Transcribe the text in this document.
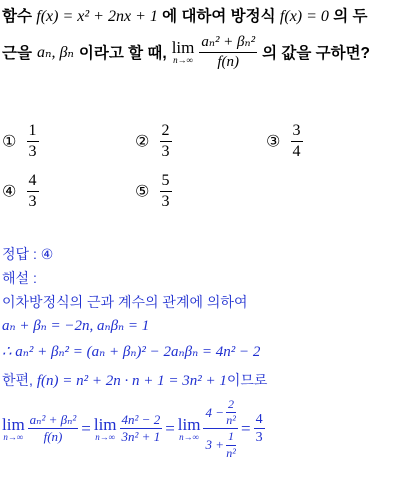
함수 f(x) = x² + 2nx + 1 에 대하여 방정식 f(x) = 0 의 두
근을 aₙ, βₙ 이라고 할 때, lim
$n\to\infty \frac{\text{aₙ² + βₙ²}}{f(n)}$ 의 값을 구하면?
① $\frac{1}{3}$	② $\frac{2}{3}$	③ $\frac{3}{4}$
④ $\frac{4}{3}$	⑤ $\frac{5}{3}$
정답 : ④
해설 :
이차방정식의 근과 계수의 관계에 의하여
aₙ + βₙ = −2n, aₙβₙ = 1
∴ aₙ² + βₙ² = (aₙ + βₙ)² − 2aₙβₙ = 4n² − 2
한편, f(n) = n² + 2n · n + 1 = 3n² + 1이므로
lim
$n\to\infty \frac{\text{aₙ² + βₙ²}}{f(n)} = \lim$
$n\to\infty \frac{\text{4n² − 2}}{\text{3n² + 1}} = \lim$
$n\to\infty \frac{4 - \frac{2}{\text{n²}}}{3 + \frac{1}{\text{n²}}} = \frac{4}{3}$
